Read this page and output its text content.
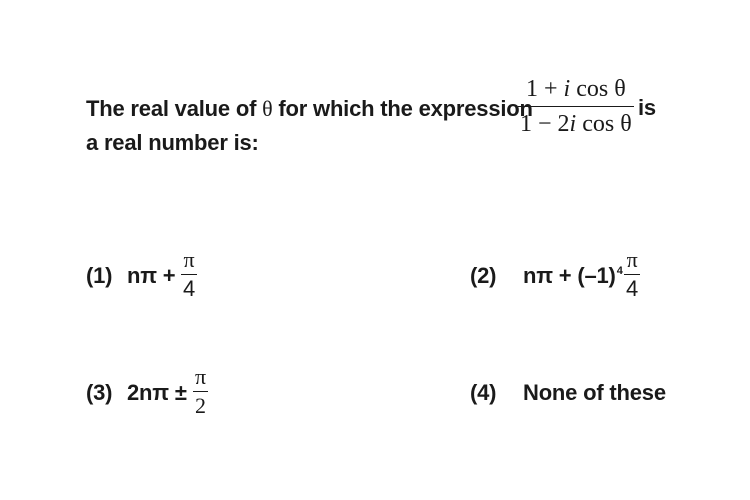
The real value of θ for which the expression
1 + i cos θ
1 − 2i cos θ
is
a real number is:
(1) nπ +
π
4
(2) $n\pi + (-1)^4$ π
4
(3) 2nπ ±
π
2
(4) None of these
